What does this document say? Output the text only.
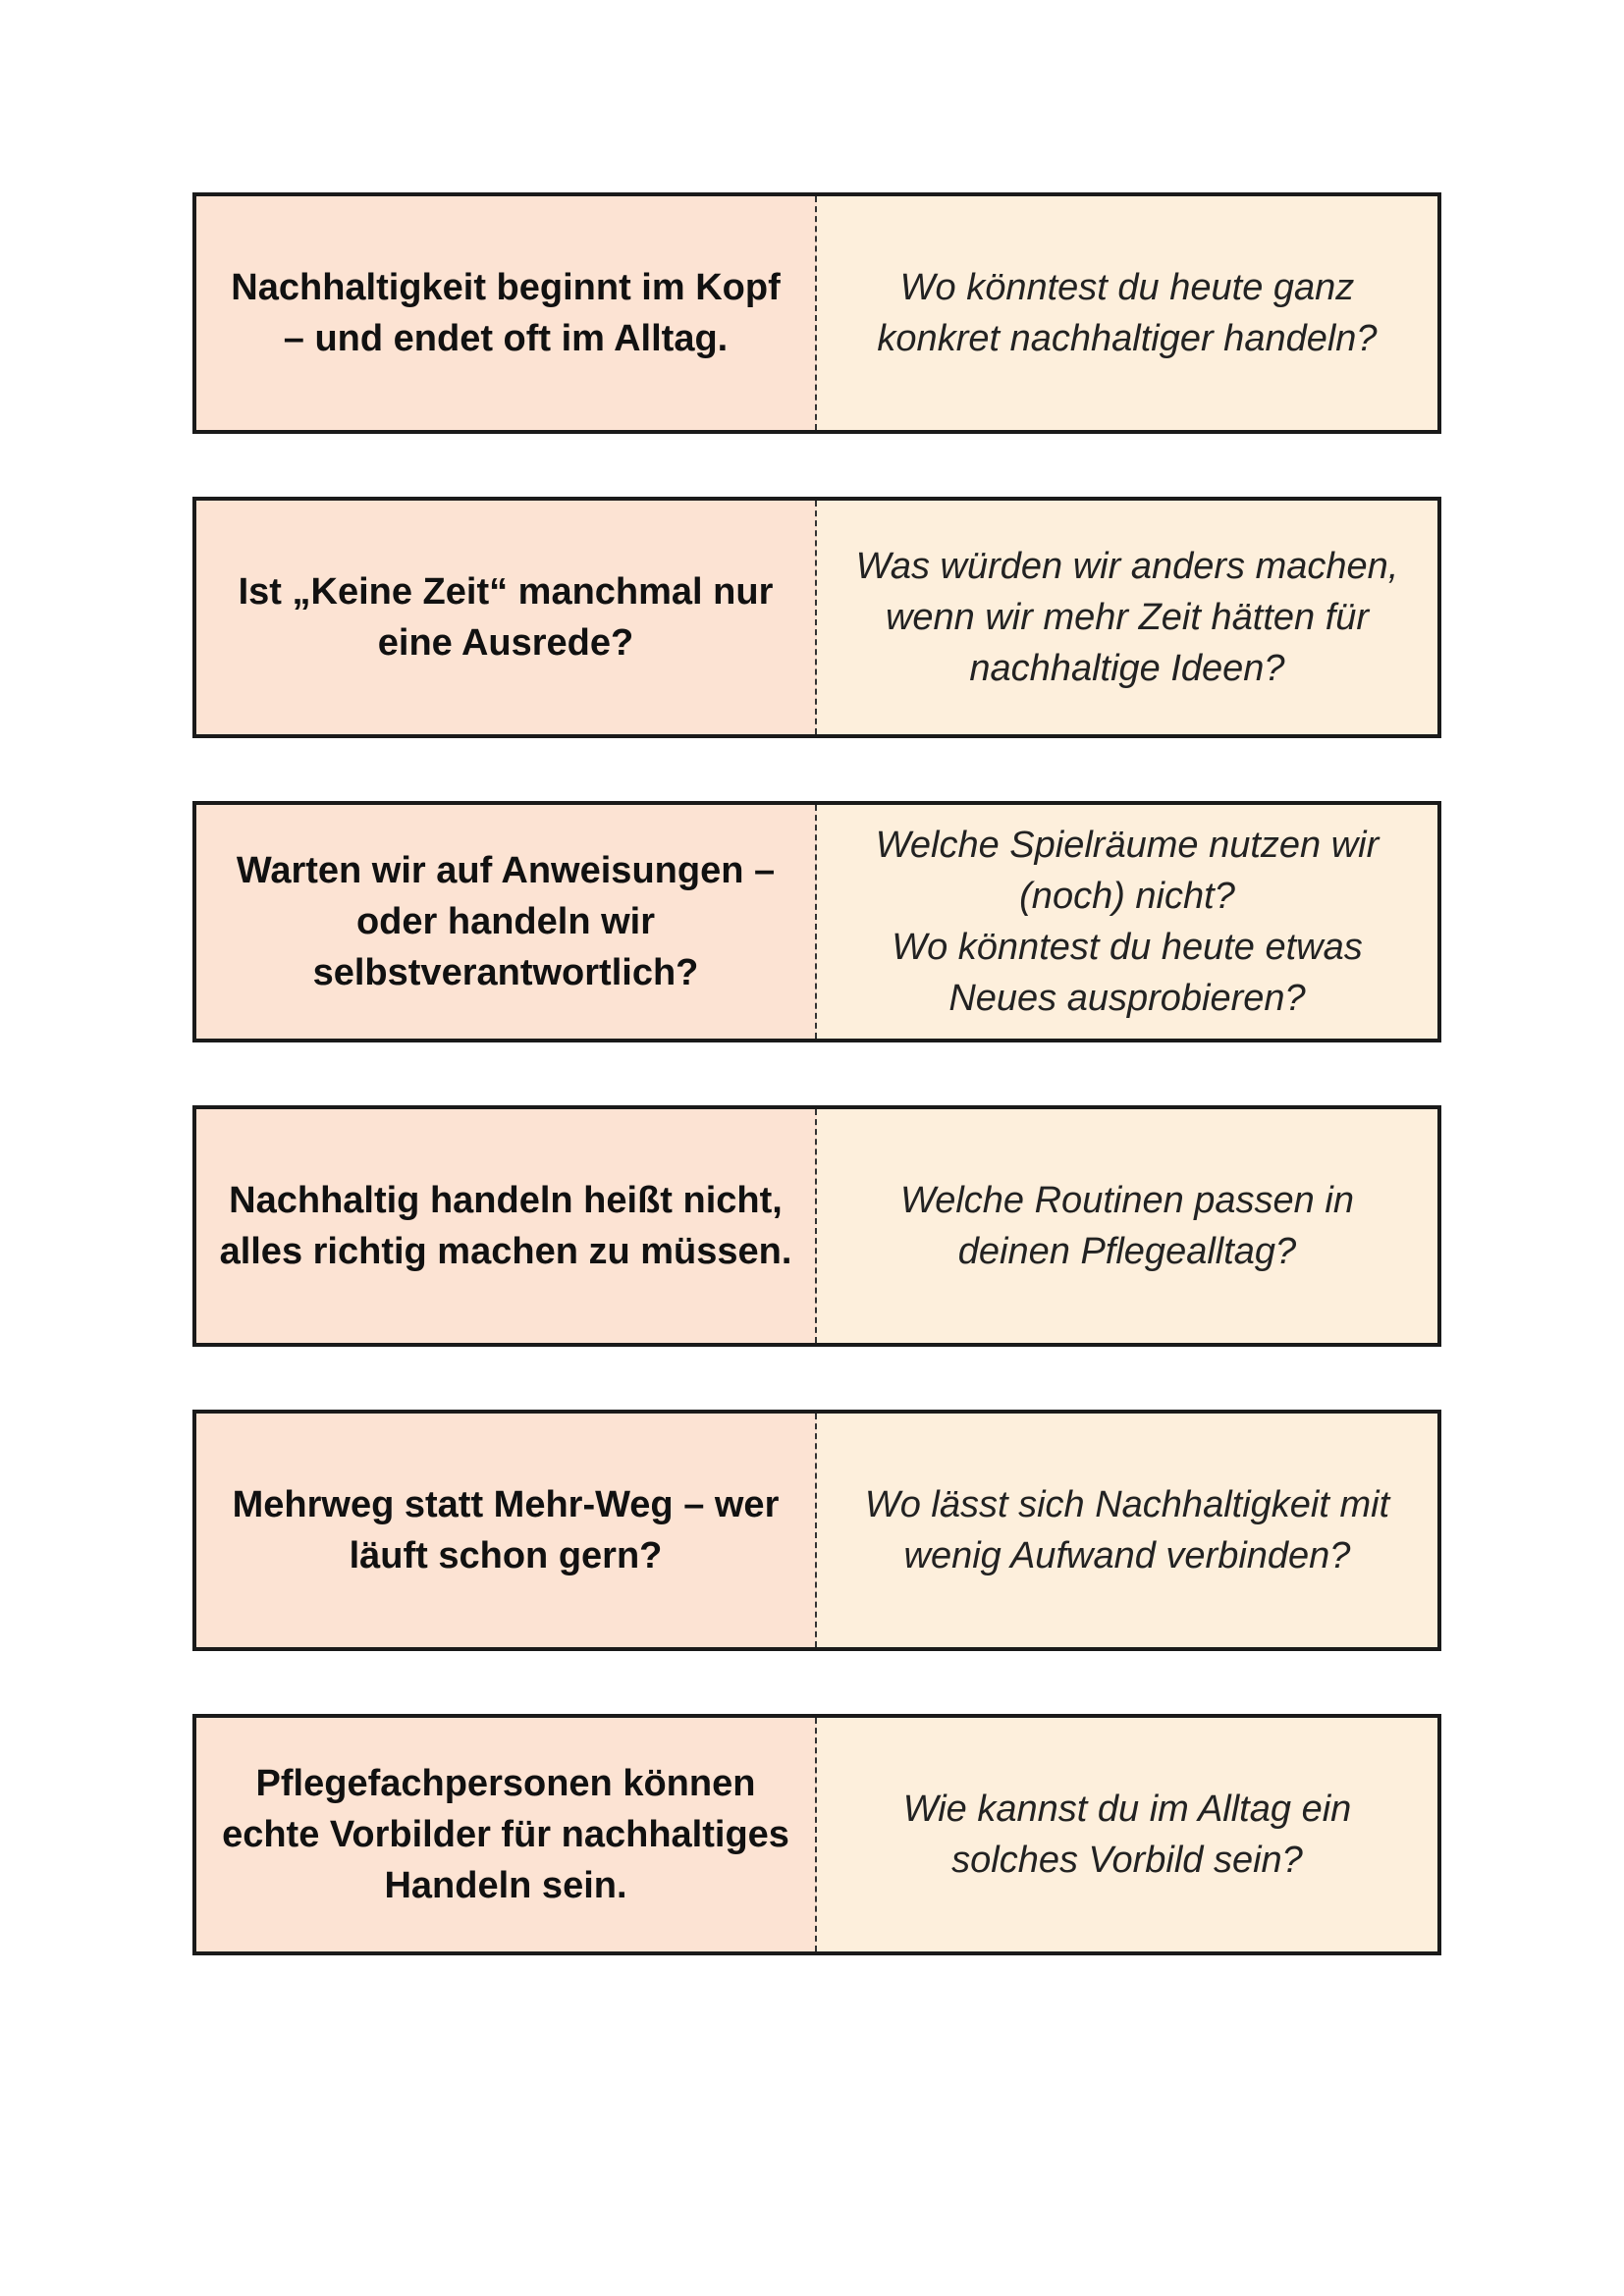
Nachhaltigkeit beginnt im Kopf
– und endet oft im Alltag.
Wo könntest du heute ganz
konkret nachhaltiger handeln?
Ist „Keine Zeit“ manchmal nur
eine Ausrede?
Was würden wir anders machen,
wenn wir mehr Zeit hätten für
nachhaltige Ideen?
Warten wir auf Anweisungen –
oder handeln wir
selbstverantwortlich?
Welche Spielräume nutzen wir
(noch) nicht?
Wo könntest du heute etwas
Neues ausprobieren?
Nachhaltig handeln heißt nicht,
alles richtig machen zu müssen.
Welche Routinen passen in
deinen Pflegealltag?
Mehrweg statt Mehr-Weg – wer
läuft schon gern?
Wo lässt sich Nachhaltigkeit mit
wenig Aufwand verbinden?
Pflegefachpersonen können
echte Vorbilder für nachhaltiges
Handeln sein.
Wie kannst du im Alltag ein
solches Vorbild sein?
